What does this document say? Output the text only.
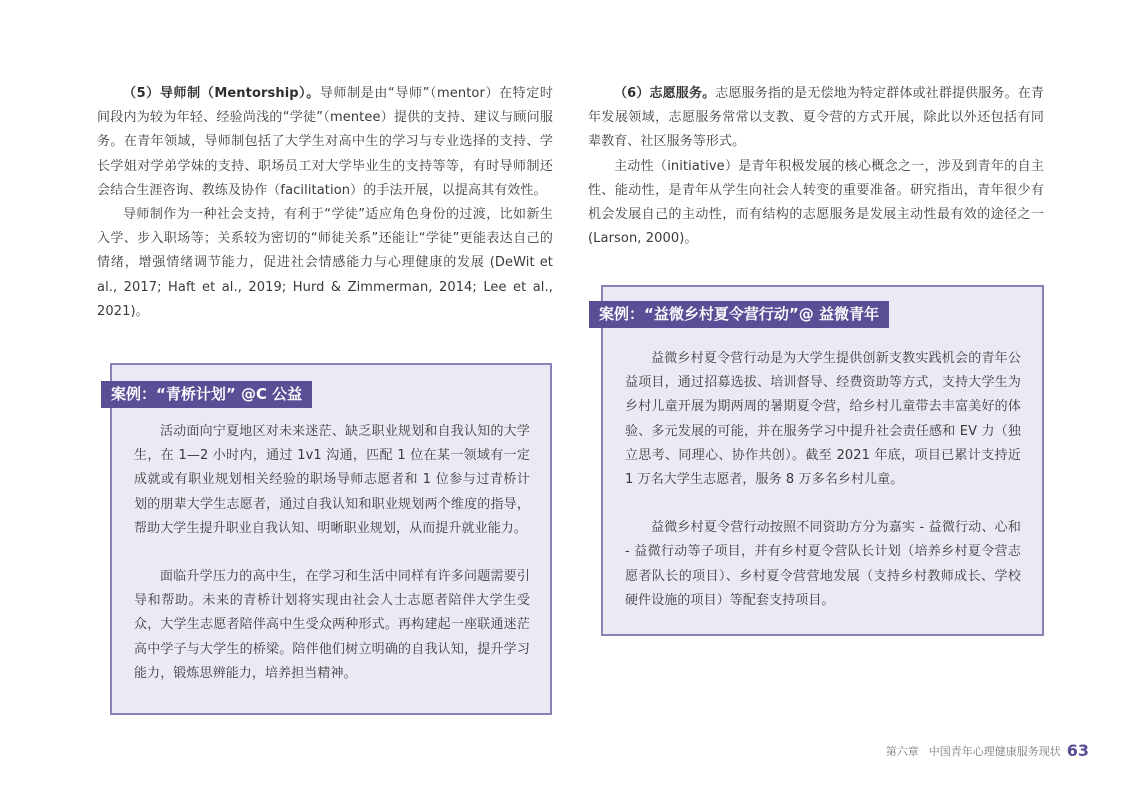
（5）导师制（Mentorship）。导师制是由“导师”（mentor）在特定时间段内为较为年轻、经验尚浅的“学徒”（mentee）提供的支持、建议与顾问服务。在青年领域，导师制包括了大学生对高中生的学习与专业选择的支持、学长学姐对学弟学妹的支持、职场员工对大学毕业生的支持等等，有时导师制还会结合生涯咨询、教练及协作（facilitation）的手法开展，以提高其有效性。

导师制作为一种社会支持，有利于“学徒”适应角色身份的过渡，比如新生入学、步入职场等；关系较为密切的“师徒关系”还能让“学徒”更能表达自己的情绪，增强情绪调节能力，促进社会情感能力与心理健康的发展 (DeWit et al., 2017; Haft et al., 2019; Hurd & Zimmerman, 2014; Lee et al., 2021)。

案例：“青桥计划” @C 公益

活动面向宁夏地区对未来迷茫、缺乏职业规划和自我认知的大学生，在 1—2 小时内，通过 1v1 沟通，匹配 1 位在某一领域有一定成就或有职业规划相关经验的职场导师志愿者和 1 位参与过青桥计划的朋辈大学生志愿者，通过自我认知和职业规划两个维度的指导，帮助大学生提升职业自我认知、明晰职业规划，从而提升就业能力。

面临升学压力的高中生，在学习和生活中同样有许多问题需要引导和帮助。未来的青桥计划将实现由社会人士志愿者陪伴大学生受众，大学生志愿者陪伴高中生受众两种形式。再构建起一座联通迷茫高中学子与大学生的桥梁。陪伴他们树立明确的自我认知，提升学习能力，锻炼思辨能力，培养担当精神。

（6）志愿服务。志愿服务指的是无偿地为特定群体或社群提供服务。在青年发展领域，志愿服务常常以支教、夏令营的方式开展，除此以外还包括有同辈教育、社区服务等形式。

主动性（initiative）是青年积极发展的核心概念之一，涉及到青年的自主性、能动性，是青年从学生向社会人转变的重要准备。研究指出，青年很少有机会发展自己的主动性，而有结构的志愿服务是发展主动性最有效的途径之一 (Larson, 2000)。

案例：“益微乡村夏令营行动”@ 益微青年

益微乡村夏令营行动是为大学生提供创新支教实践机会的青年公益项目，通过招募选拔、培训督导、经费资助等方式，支持大学生为乡村儿童开展为期两周的暑期夏令营，给乡村儿童带去丰富美好的体验、多元发展的可能，并在服务学习中提升社会责任感和 EV 力（独立思考、同理心、协作共创）。截至 2021 年底，项目已累计支持近 1 万名大学生志愿者，服务 8 万多名乡村儿童。

益微乡村夏令营行动按照不同资助方分为嘉实 - 益微行动、心和 - 益微行动等子项目，并有乡村夏令营队长计划（培养乡村夏令营志愿者队长的项目）、乡村夏令营营地发展（支持乡村教师成长、学校硬件设施的项目）等配套支持项目。

第六章 中国青年心理健康服务现状 63
